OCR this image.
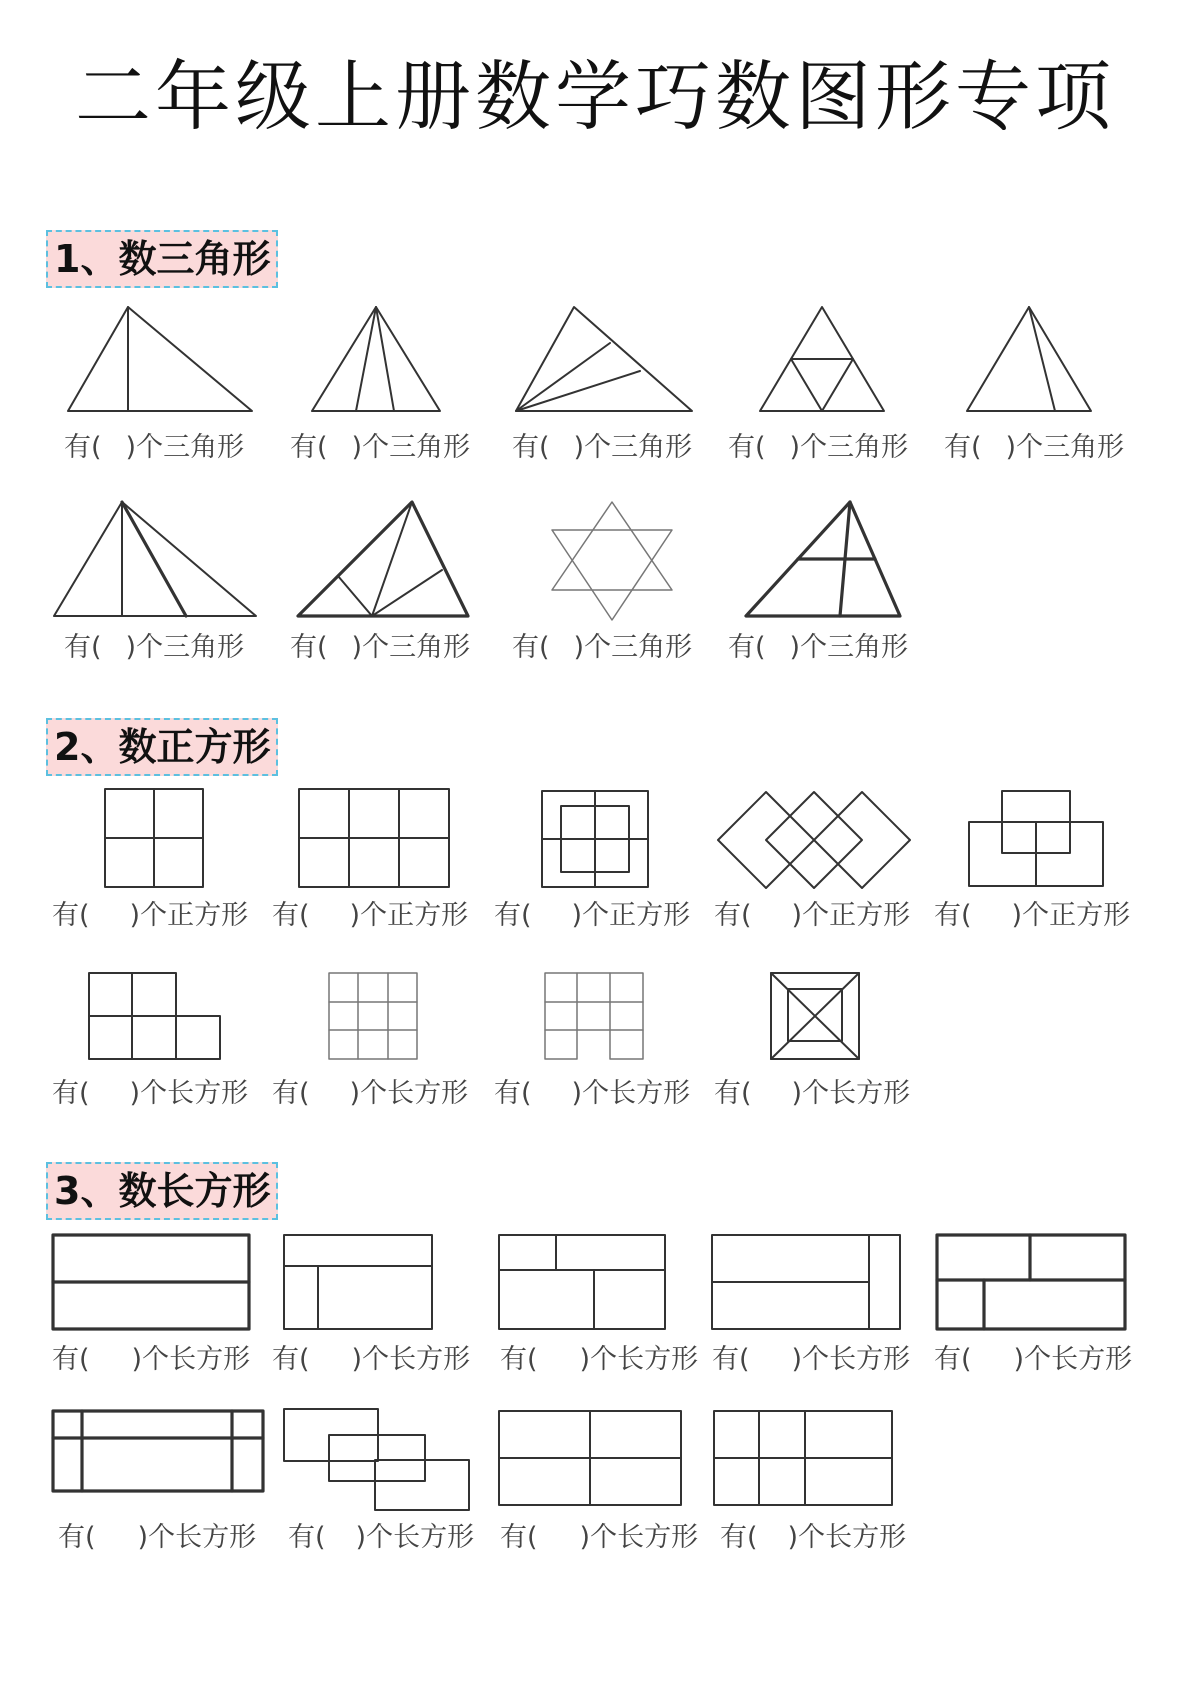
二年级上册数学巧数图形专项
1、数三角形
有( )个三角形 有( )个三角形 有( )个三角形 有( )个三角形 有( )个三角形
有( )个三角形 有( )个三角形 有( )个三角形 有( )个三角形
2、数正方形
有( )个正方形 有( )个正方形 有( )个正方形 有( )个正方形 有( )个正方形
有( )个长方形 有( )个长方形 有( )个长方形 有( )个长方形
3、数长方形
有( )个长方形 有( )个长方形 有( )个长方形 有( )个长方形 有( )个长方形
有( )个长方形 有( )个长方形 有( )个长方形 有( )个长方形
